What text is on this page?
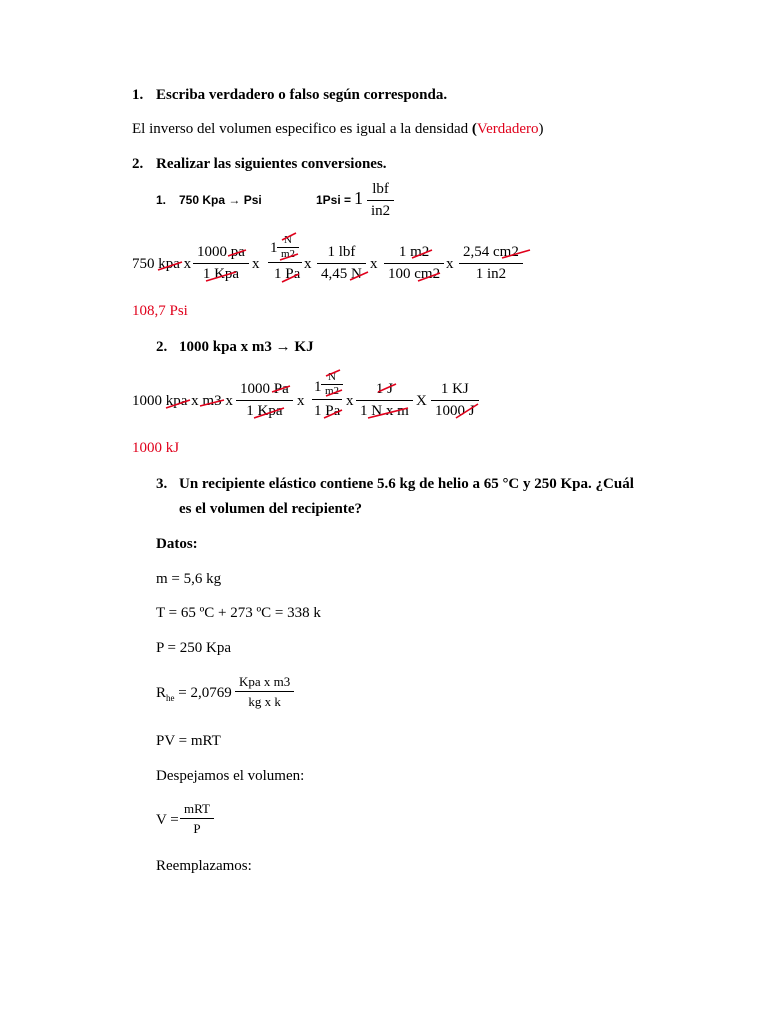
1. Escriba verdadero o falso según corresponda.
El inverso del volumen especifico es igual a la densidad (Verdadero)
2. Realizar las siguientes conversiones.
1. 750 Kpa → Psi	1Psi = 1 lbf
in2
750 kpa x
1000 pa
1 Kpa
x
1 N
m2
1 Pa
x
1 lbf
4,45 N
x
1 m2
100 cm2
x
2,54 cm2
1 in2
108,7 Psi
2. 1000 kpa x m3 → KJ
1000 kpa x m3 x
1000 Pa
1 Kpa
x
1
N
m2
1 Pa
x
1 J
1 N x m
X
1 KJ
1000 J
1000 kJ
3. Un recipiente elástico contiene 5.6 kg de helio a 65 °C y 250 Kpa. ¿Cuál
es el volumen del recipiente?
Datos:
m = 5,6 kg
T = 65 ºC + 273 ºC = 338 k
P = 250 Kpa
$R_{he} = 2,0769$
Kpa x m3
kg x k
PV = mRT
Despejamos el volumen:
V =
mRT
P
Reemplazamos:
